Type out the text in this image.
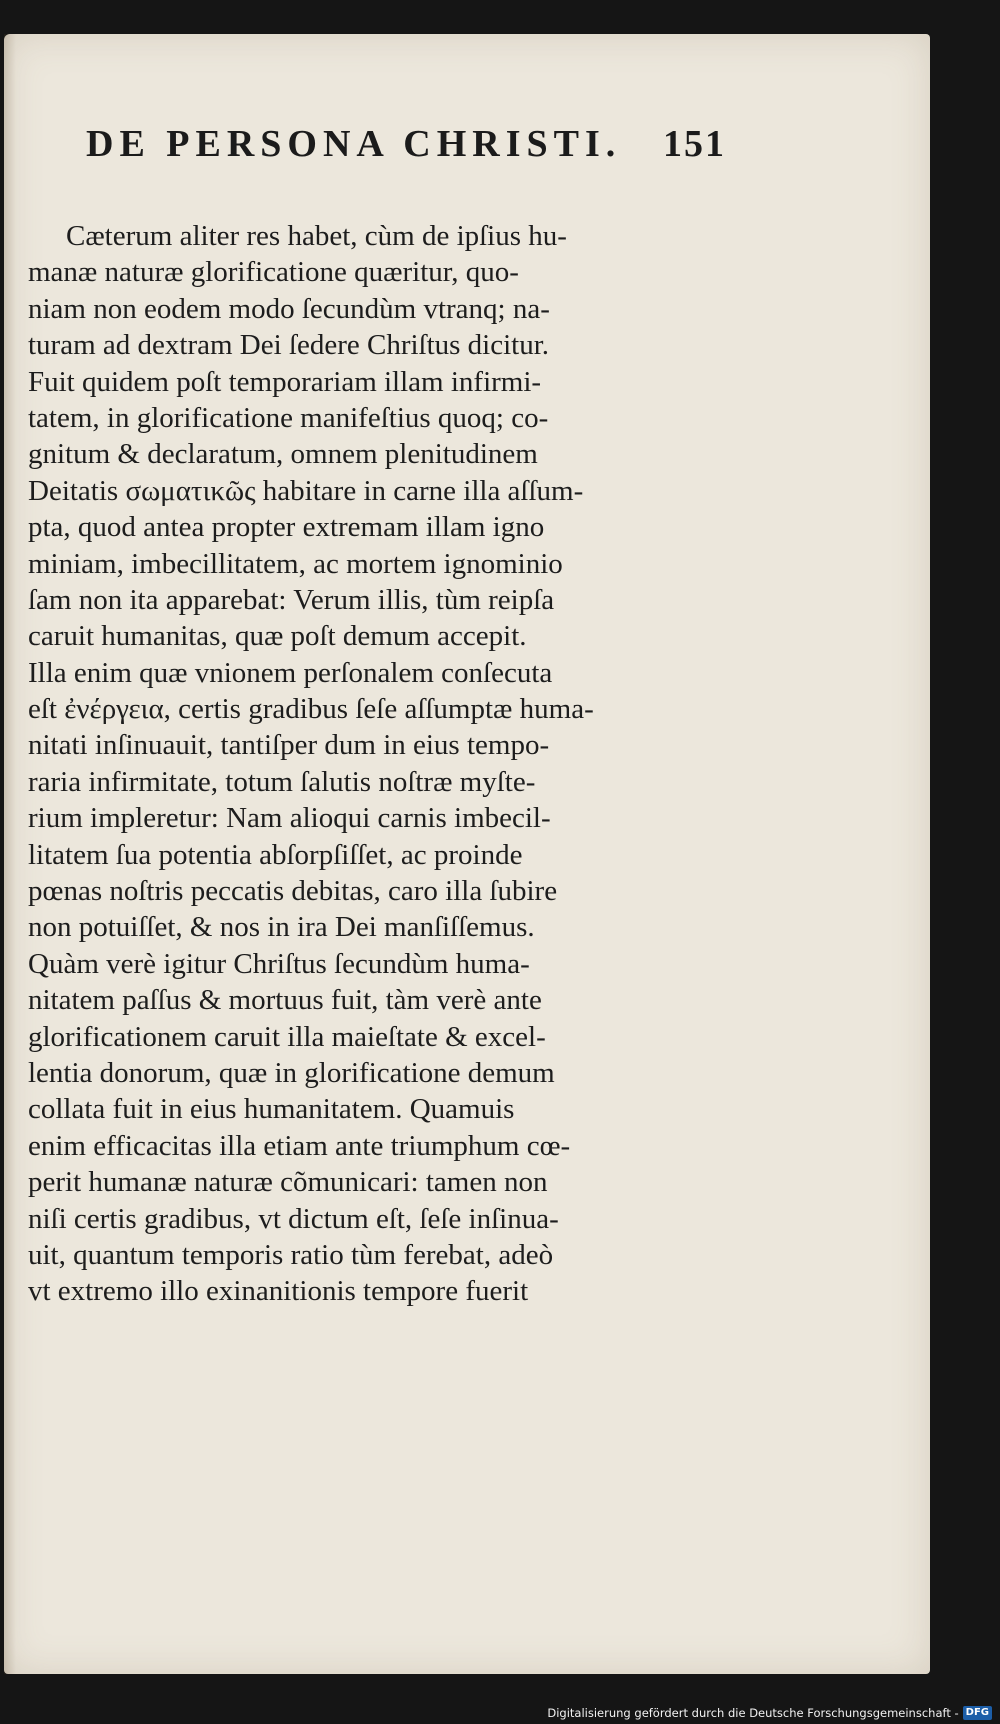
DE PERSONA CHRISTI. 151
Cæterum aliter res habet, cùm de ipſius hu-
manæ naturæ glorificatione quæritur, quo-
niam non eodem modo ſecundùm vtranq; na-
turam ad dextram Dei ſedere Chriſtus dicitur.
Fuit quidem poſt temporariam illam infirmi-
tatem, in glorificatione manifeſtius quoq; co-
gnitum & declaratum, omnem plenitudinem
Deitatis σωματικῶς habitare in carne illa aſſum-
pta, quod antea propter extremam illam igno
miniam, imbecillitatem, ac mortem ignominio
ſam non ita apparebat: Verum illis, tùm reipſa
caruit humanitas, quæ poſt demum accepit.
Illa enim quæ vnionem perſonalem conſecuta
eſt ἐνέργεια, certis gradibus ſeſe aſſumptæ huma-
nitati inſinuauit, tantiſper dum in eius tempo-
raria infirmitate, totum ſalutis noſtræ myſte-
rium impleretur: Nam alioqui carnis imbecil-
litatem ſua potentia abſorpſiſſet, ac proinde
pœnas noſtris peccatis debitas, caro illa ſubire
non potuiſſet, & nos in ira Dei manſiſſemus.
Quàm verè igitur Chriſtus ſecundùm huma-
nitatem paſſus & mortuus fuit, tàm verè ante
glorificationem caruit illa maieſtate & excel-
lentia donorum, quæ in glorificatione demum
collata fuit in eius humanitatem. Quamuis
enim efficacitas illa etiam ante triumphum cœ-
perit humanæ naturæ cõmunicari: tamen non
niſi certis gradibus, vt dictum eſt, ſeſe inſinua-
uit, quantum temporis ratio tùm ferebat, adeò
vt extremo illo exinanitionis tempore fuerit
Digitalisierung gefördert durch die Deutsche Forschungsgemeinschaft - DFG
